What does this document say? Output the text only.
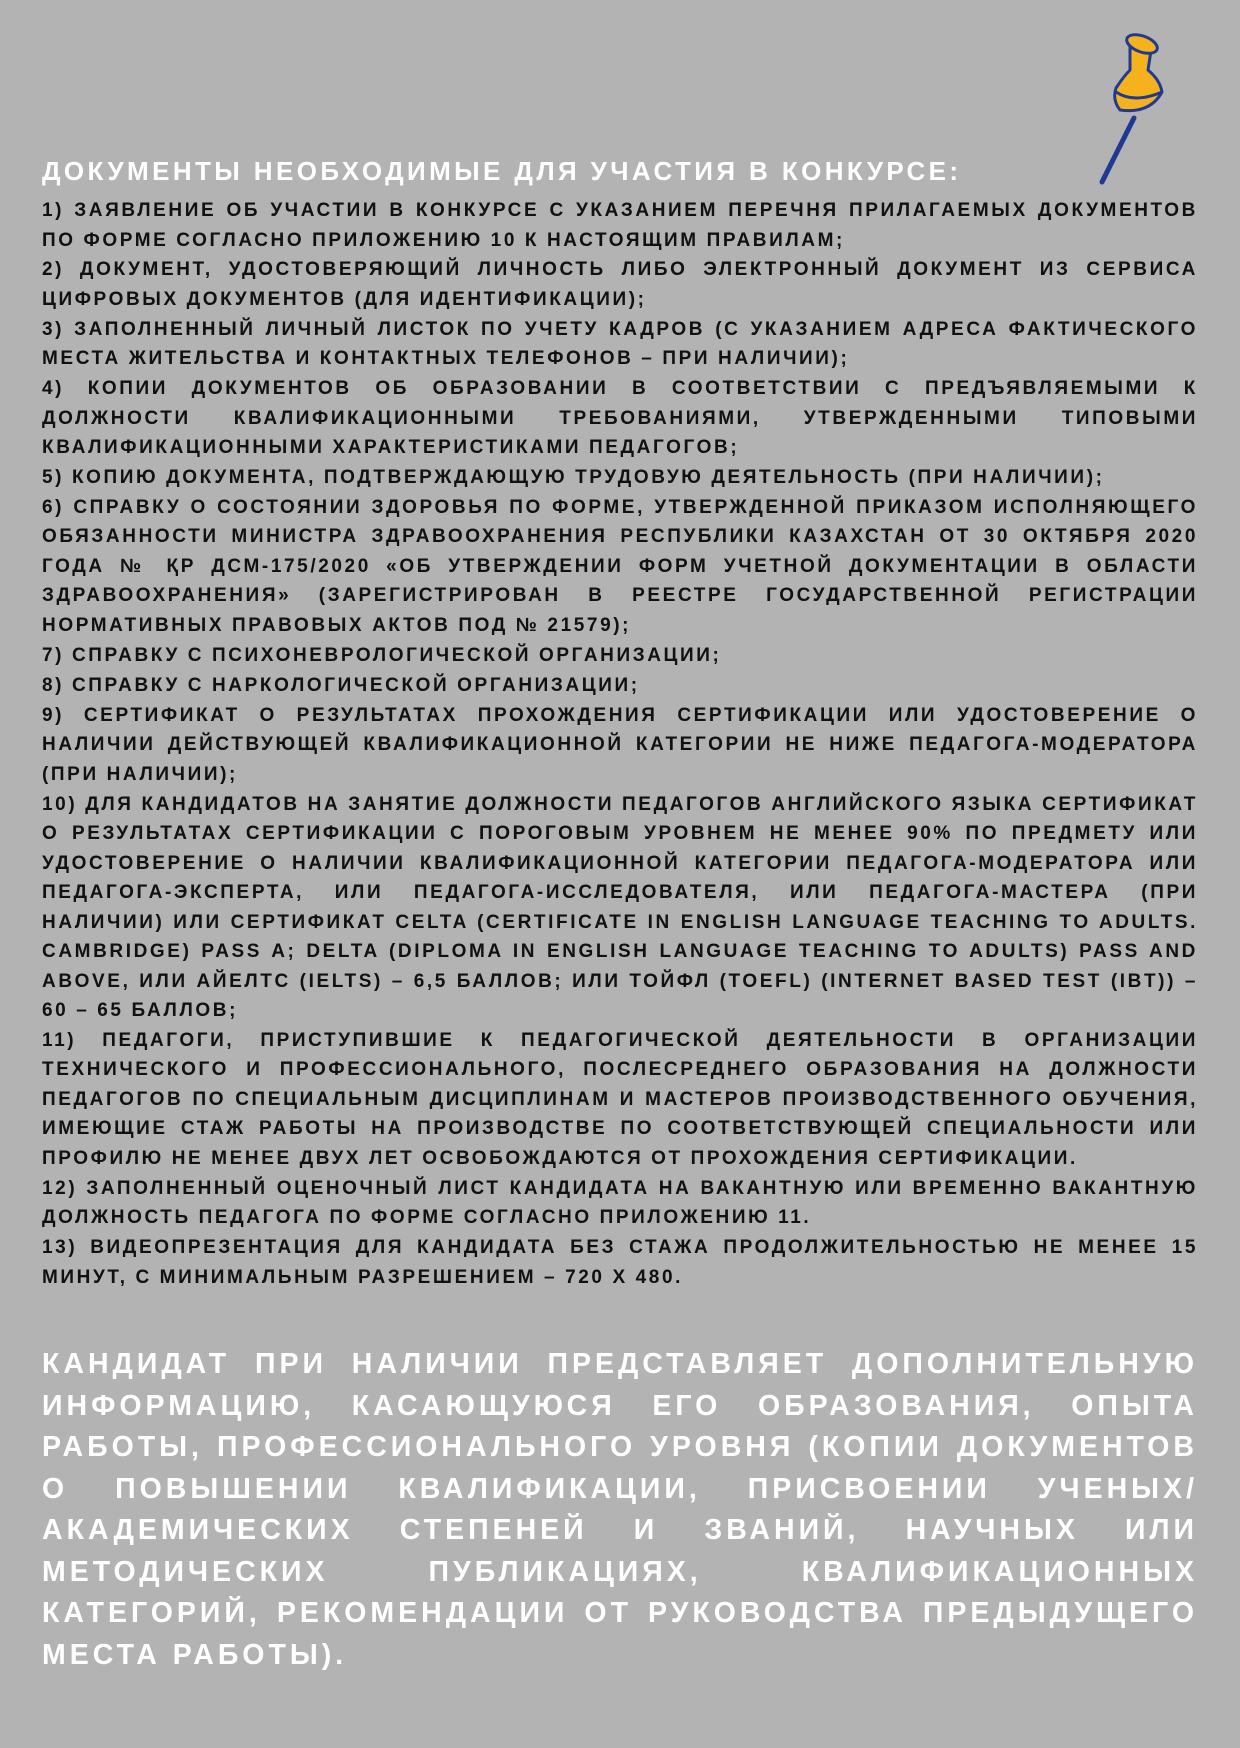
ДОКУМЕНТЫ НЕОБХОДИМЫЕ ДЛЯ УЧАСТИЯ В КОНКУРСЕ:
1) ЗАЯВЛЕНИЕ ОБ УЧАСТИИ В КОНКУРСЕ С УКАЗАНИЕМ ПЕРЕЧНЯ ПРИЛАГАЕМЫХ ДОКУМЕНТОВ ПО ФОРМЕ СОГЛАСНО ПРИЛОЖЕНИЮ 10 К НАСТОЯЩИМ ПРАВИЛАМ;
2) ДОКУМЕНТ, УДОСТОВЕРЯЮЩИЙ ЛИЧНОСТЬ ЛИБО ЭЛЕКТРОННЫЙ ДОКУМЕНТ ИЗ СЕРВИСА ЦИФРОВЫХ ДОКУМЕНТОВ (ДЛЯ ИДЕНТИФИКАЦИИ);
3) ЗАПОЛНЕННЫЙ ЛИЧНЫЙ ЛИСТОК ПО УЧЕТУ КАДРОВ (С УКАЗАНИЕМ АДРЕСА ФАКТИЧЕСКОГО МЕСТА ЖИТЕЛЬСТВА И КОНТАКТНЫХ ТЕЛЕФОНОВ – ПРИ НАЛИЧИИ);
4) КОПИИ ДОКУМЕНТОВ ОБ ОБРАЗОВАНИИ В СООТВЕТСТВИИ С ПРЕДЪЯВЛЯЕМЫМИ К ДОЛЖНОСТИ КВАЛИФИКАЦИОННЫМИ ТРЕБОВАНИЯМИ, УТВЕРЖДЕННЫМИ ТИПОВЫМИ КВАЛИФИКАЦИОННЫМИ ХАРАКТЕРИСТИКАМИ ПЕДАГОГОВ;
5) КОПИЮ ДОКУМЕНТА, ПОДТВЕРЖДАЮЩУЮ ТРУДОВУЮ ДЕЯТЕЛЬНОСТЬ (ПРИ НАЛИЧИИ);
6) СПРАВКУ О СОСТОЯНИИ ЗДОРОВЬЯ ПО ФОРМЕ, УТВЕРЖДЕННОЙ ПРИКАЗОМ ИСПОЛНЯЮЩЕГО ОБЯЗАННОСТИ МИНИСТРА ЗДРАВООХРАНЕНИЯ РЕСПУБЛИКИ КАЗАХСТАН ОТ 30 ОКТЯБРЯ 2020 ГОДА № ҚР ДСМ-175/2020 «ОБ УТВЕРЖДЕНИИ ФОРМ УЧЕТНОЙ ДОКУМЕНТАЦИИ В ОБЛАСТИ ЗДРАВООХРАНЕНИЯ» (ЗАРЕГИСТРИРОВАН В РЕЕСТРЕ ГОСУДАРСТВЕННОЙ РЕГИСТРАЦИИ НОРМАТИВНЫХ ПРАВОВЫХ АКТОВ ПОД № 21579);
7) СПРАВКУ С ПСИХОНЕВРОЛОГИЧЕСКОЙ ОРГАНИЗАЦИИ;
8) СПРАВКУ С НАРКОЛОГИЧЕСКОЙ ОРГАНИЗАЦИИ;
9) СЕРТИФИКАТ О РЕЗУЛЬТАТАХ ПРОХОЖДЕНИЯ СЕРТИФИКАЦИИ ИЛИ УДОСТОВЕРЕНИЕ О НАЛИЧИИ ДЕЙСТВУЮЩЕЙ КВАЛИФИКАЦИОННОЙ КАТЕГОРИИ НЕ НИЖЕ ПЕДАГОГА-МОДЕРАТОРА (ПРИ НАЛИЧИИ);
10) ДЛЯ КАНДИДАТОВ НА ЗАНЯТИЕ ДОЛЖНОСТИ ПЕДАГОГОВ АНГЛИЙСКОГО ЯЗЫКА СЕРТИФИКАТ О РЕЗУЛЬТАТАХ СЕРТИФИКАЦИИ С ПОРОГОВЫМ УРОВНЕМ НЕ МЕНЕЕ 90% ПО ПРЕДМЕТУ ИЛИ УДОСТОВЕРЕНИЕ О НАЛИЧИИ КВАЛИФИКАЦИОННОЙ КАТЕГОРИИ ПЕДАГОГА-МОДЕРАТОРА ИЛИ ПЕДАГОГА-ЭКСПЕРТА, ИЛИ ПЕДАГОГА-ИССЛЕДОВАТЕЛЯ, ИЛИ ПЕДАГОГА-МАСТЕРА (ПРИ НАЛИЧИИ) ИЛИ СЕРТИФИКАТ CELTA (CERTIFICATE IN ENGLISH LANGUAGE TEACHING TO ADULTS. CAMBRIDGE) PASS A; DELTA (DIPLOMA IN ENGLISH LANGUAGE TEACHING TO ADULTS) PASS AND ABOVE, ИЛИ АЙЕЛТС (IELTS) – 6,5 БАЛЛОВ; ИЛИ ТОЙФЛ (TOEFL) (INTERNET BASED TEST (IBT)) – 60 – 65 БАЛЛОВ;
11) ПЕДАГОГИ, ПРИСТУПИВШИЕ К ПЕДАГОГИЧЕСКОЙ ДЕЯТЕЛЬНОСТИ В ОРГАНИЗАЦИИ ТЕХНИЧЕСКОГО И ПРОФЕССИОНАЛЬНОГО, ПОСЛЕСРЕДНЕГО ОБРАЗОВАНИЯ НА ДОЛЖНОСТИ ПЕДАГОГОВ ПО СПЕЦИАЛЬНЫМ ДИСЦИПЛИНАМ И МАСТЕРОВ ПРОИЗВОДСТВЕННОГО ОБУЧЕНИЯ, ИМЕЮЩИЕ СТАЖ РАБОТЫ НА ПРОИЗВОДСТВЕ ПО СООТВЕТСТВУЮЩЕЙ СПЕЦИАЛЬНОСТИ ИЛИ ПРОФИЛЮ НЕ МЕНЕЕ ДВУХ ЛЕТ ОСВОБОЖДАЮТСЯ ОТ ПРОХОЖДЕНИЯ СЕРТИФИКАЦИИ.
12) ЗАПОЛНЕННЫЙ ОЦЕНОЧНЫЙ ЛИСТ КАНДИДАТА НА ВАКАНТНУЮ ИЛИ ВРЕМЕННО ВАКАНТНУЮ ДОЛЖНОСТЬ ПЕДАГОГА ПО ФОРМЕ СОГЛАСНО ПРИЛОЖЕНИЮ 11.
13) ВИДЕОПРЕЗЕНТАЦИЯ ДЛЯ КАНДИДАТА БЕЗ СТАЖА ПРОДОЛЖИТЕЛЬНОСТЬЮ НЕ МЕНЕЕ 15 МИНУТ, С МИНИМАЛЬНЫМ РАЗРЕШЕНИЕМ – 720 X 480.

КАНДИДАТ ПРИ НАЛИЧИИ ПРЕДСТАВЛЯЕТ ДОПОЛНИТЕЛЬНУЮ ИНФОРМАЦИЮ, КАСАЮЩУЮСЯ ЕГО ОБРАЗОВАНИЯ, ОПЫТА РАБОТЫ, ПРОФЕССИОНАЛЬНОГО УРОВНЯ (КОПИИ ДОКУМЕНТОВ О ПОВЫШЕНИИ КВАЛИФИКАЦИИ, ПРИСВОЕНИИ УЧЕНЫХ/АКАДЕМИЧЕСКИХ СТЕПЕНЕЙ И ЗВАНИЙ, НАУЧНЫХ ИЛИ МЕТОДИЧЕСКИХ ПУБЛИКАЦИЯХ, КВАЛИФИКАЦИОННЫХ КАТЕГОРИЙ, РЕКОМЕНДАЦИИ ОТ РУКОВОДСТВА ПРЕДЫДУЩЕГО МЕСТА РАБОТЫ).
